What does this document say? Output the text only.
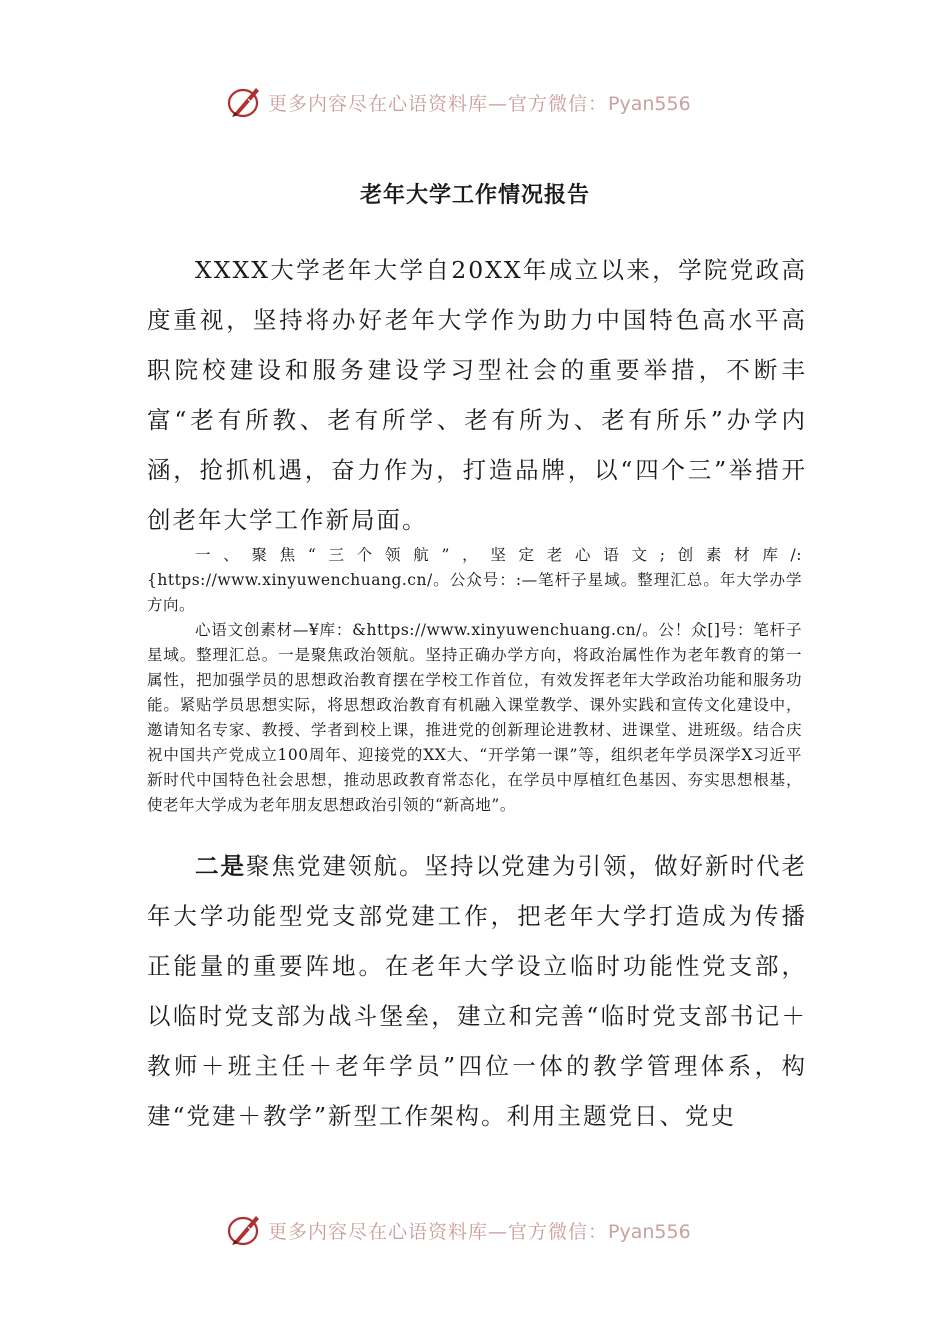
更多内容尽在心语资料库—官方微信：Pyan556
老年大学工作情况报告
XXXX大学老年大学自20XX年成立以来，学院党政高度重视，坚持将办好老年大学作为助力中国特色高水平高职院校建设和服务建设学习型社会的重要举措，不断丰富“老有所教、老有所学、老有所为、老有所乐”办学内涵，抢抓机遇，奋力作为，打造品牌，以“四个三”举措开创老年大学工作新局面。
一、聚焦“三个领航”，坚定老心语文;创素材库/:{https://www.xinyuwenchuang.cn/。公众号：:—笔杆子星域。整理汇总。年大学办学方向。
心语文创素材—¥库：&https://www.xinyuwenchuang.cn/。公！众[]号：笔杆子星域。整理汇总。一是聚焦政治领航。坚持正确办学方向，将政治属性作为老年教育的第一属性，把加强学员的思想政治教育摆在学校工作首位，有效发挥老年大学政治功能和服务功能。紧贴学员思想实际，将思想政治教育有机融入课堂教学、课外实践和宣传文化建设中，邀请知名专家、教授、学者到校上课，推进党的创新理论进教材、进课堂、进班级。结合庆祝中国共产党成立100周年、迎接党的XX大、“开学第一课”等，组织老年学员深学X习近平新时代中国特色社会思想，推动思政教育常态化，在学员中厚植红色基因、夯实思想根基，使老年大学成为老年朋友思想政治引领的“新高地”。
二是聚焦党建领航。坚持以党建为引领，做好新时代老年大学功能型党支部党建工作，把老年大学打造成为传播正能量的重要阵地。在老年大学设立临时功能性党支部，以临时党支部为战斗堡垒，建立和完善“临时党支部书记＋教师＋班主任＋老年学员”四位一体的教学管理体系，构建“党建＋教学”新型工作架构。利用主题党日、党史
更多内容尽在心语资料库—官方微信：Pyan556
